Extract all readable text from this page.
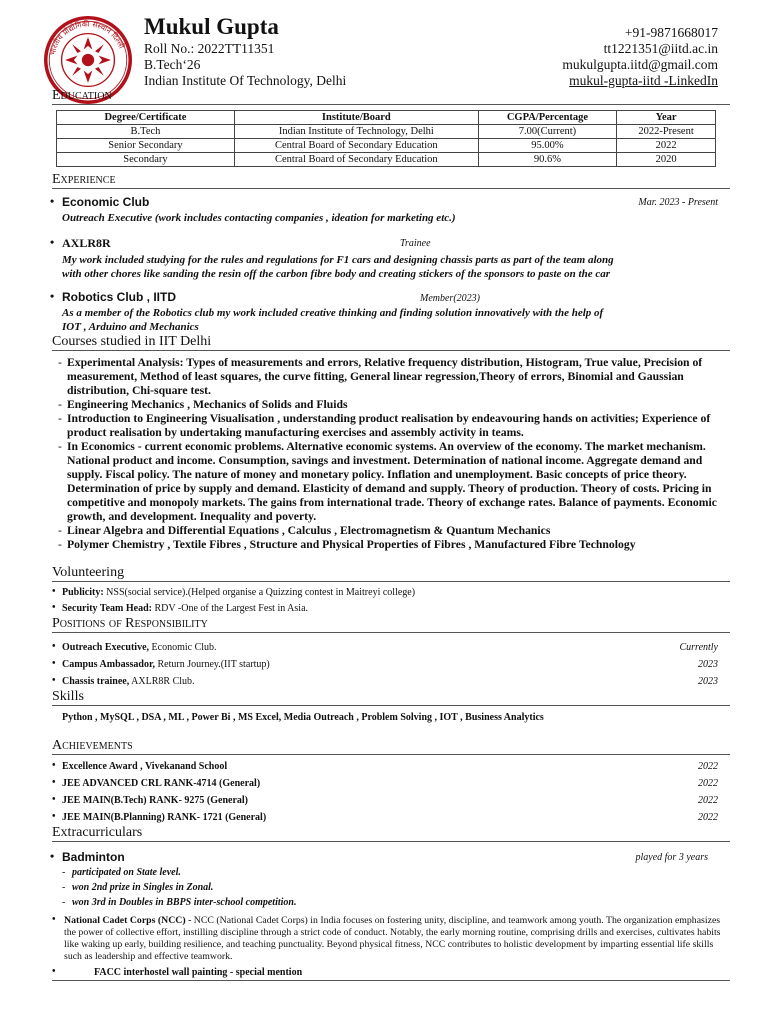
भारतीय प्रौद्योगिकी संस्थान दिल्ली
Mukul Gupta
Roll No.: 2022TT11351
B.Tech‘26
Indian Institute Of Technology, Delhi
+91-9871668017
tt1221351@iitd.ac.in
mukulgupta.iitd@gmail.com
mukul-gupta-iitd -LinkedIn
Education
Degree/Certificate	Institute/Board	CGPA/Percentage	Year
B.Tech	Indian Institute of Technology, Delhi	7.00(Current)	2022-Present
Senior Secondary	Central Board of Secondary Education	95.00%	2022
Secondary	Central Board of Secondary Education	90.6%	2020
Experience
• Economic Club	Mar. 2023 - Present
Outreach Executive (work includes contacting companies , ideation for marketing etc.)
• AXLR8R	Trainee
My work included studying for the rules and regulations for F1 cars and designing chassis parts as part of the team along
with other chores like sanding the resin off the carbon fibre body and creating stickers of the sponsors to paste on the car
• Robotics Club , IITD	Member(2023)
As a member of the Robotics club my work included creative thinking and finding solution innovatively with the help of
IOT , Arduino and Mechanics
Courses studied in IIT Delhi
- Experimental Analysis: Types of measurements and errors, Relative frequency distribution, Histogram, True value, Precision of measurement, Method of least squares, the curve fitting, General linear regression,Theory of errors, Binomial and Gaussian distribution, Chi-square test.
- Engineering Mechanics , Mechanics of Solids and Fluids
- Introduction to Engineering Visualisation , understanding product realisation by endeavouring hands on activities; Experience of product realisation by undertaking manufacturing exercises and assembly activity in teams.
- In Economics - current economic problems. Alternative economic systems. An overview of the economy. The market mechanism. National product and income. Consumption, savings and investment. Determination of national income. Aggregate demand and supply. Fiscal policy. The nature of money and monetary policy. Inflation and unemployment. Basic concepts of price theory. Determination of price by supply and demand. Elasticity of demand and supply. Theory of production. Theory of costs. Pricing in competitive and monopoly markets. The gains from international trade. Theory of exchange rates. Balance of payments. Economic growth, and development. Inequality and poverty.
- Linear Algebra and Differential Equations , Calculus , Electromagnetism & Quantum Mechanics
- Polymer Chemistry , Textile Fibres , Structure and Physical Properties of Fibres , Manufactured Fibre Technology
Volunteering
• Publicity: NSS(social service).(Helped organise a Quizzing contest in Maitreyi college)
• Security Team Head: RDV -One of the Largest Fest in Asia.
Positions of Responsibility
• Outreach Executive, Economic Club.	Currently
• Campus Ambassador, Return Journey.(IIT startup)	2023
• Chassis trainee, AXLR8R Club.	2023
Skills
Python , MySQL , DSA , ML , Power Bi , MS Excel, Media Outreach , Problem Solving , IOT , Business Analytics
Achievements
• Excellence Award , Vivekanand School	2022
• JEE ADVANCED CRL RANK-4714 (General)	2022
• JEE MAIN(B.Tech) RANK- 9275 (General)	2022
• JEE MAIN(B.Planning) RANK- 1721 (General)	2022
Extracurriculars
• Badminton	played for 3 years
- participated on State level.
- won 2nd prize in Singles in Zonal.
- won 3rd in Doubles in BBPS inter-school competition.
• National Cadet Corps (NCC) - NCC (National Cadet Corps) in India focuses on fostering unity, discipline, and teamwork among youth. The organization emphasizes the power of collective effort, instilling discipline through a strict code of conduct. Notably, the early morning routine, comprising drills and exercises, cultivates habits like waking up early, building resilience, and teaching punctuality. Beyond physical fitness, NCC contributes to holistic development by imparting essential life skills such as leadership and effective teamwork.
•	FACC interhostel wall painting - special mention
